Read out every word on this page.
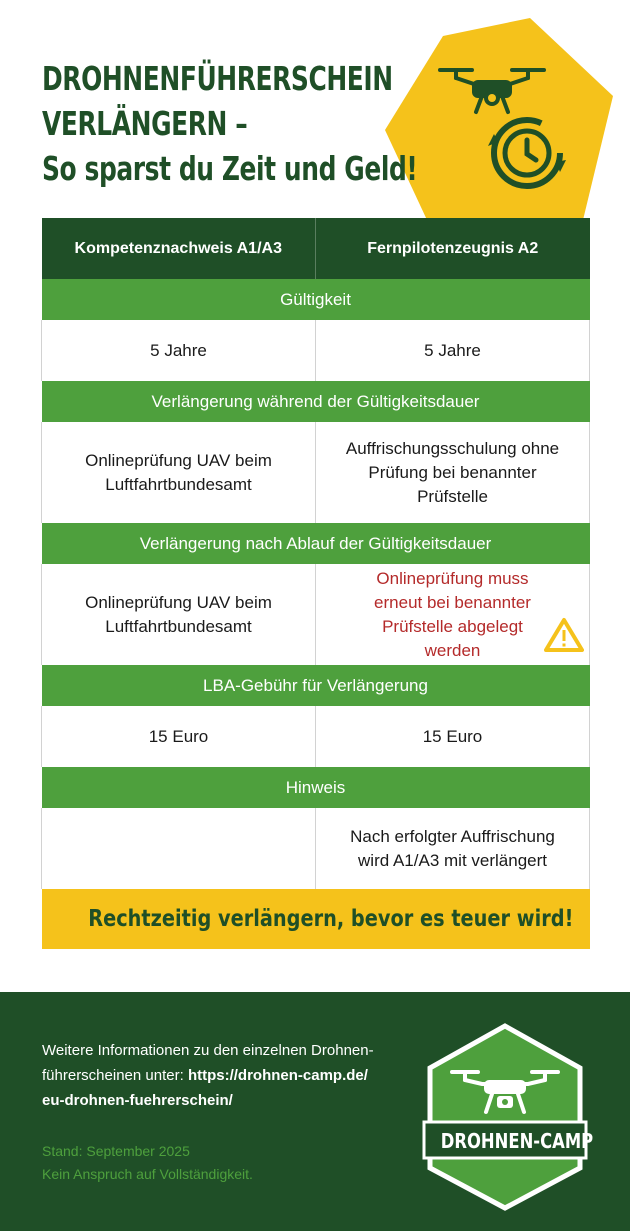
DROHNENFÜHRERSCHEIN
VERLÄNGERN –
So sparst du Zeit und Geld!
Kompetenznachweis A1/A3	Fernpilotenzeugnis A2
Gültigkeit	
5 Jahre	5 Jahre
Verlängerung während der Gültigkeitsdauer	
Onlineprüfung UAV beim Luftfahrtbundesamt	Auffrischungsschulung ohne Prüfung bei benannter Prüfstelle
Verlängerung nach Ablauf der Gültigkeitsdauer	
Onlineprüfung UAV beim Luftfahrtbundesamt	Onlineprüfung muss erneut bei benannter Prüfstelle abgelegt werden

LBA-Gebühr für Verlängerung	
15 Euro	15 Euro
Hinweis	
	Nach erfolgter Auffrischung wird A1/A3 mit verlängert
Rechtzeitig verlängern, bevor es teuer wird!	
Weitere Informationen zu den einzelnen Drohnen-führerscheinen unter: https://drohnen-camp.de/
eu-drohnen-fuehrerschein/
Stand: September 2025
Kein Anspruch auf Vollständigkeit.
DROHNEN-CAMP
